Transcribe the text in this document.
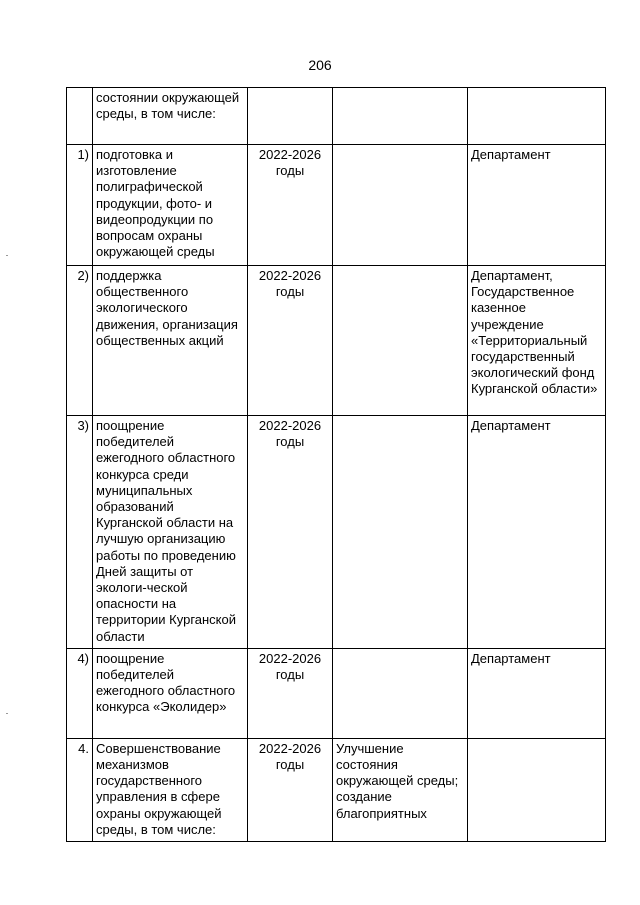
206
	состоянии окружающей среды, в том числе:			
1)	подготовка и изготовление полиграфической продукции, фото- и видеопродукции по вопросам охраны окружающей среды	2022-2026 годы		Департамент
2)	поддержка общественного экологического движения, организация общественных акций	2022-2026 годы		Департамент, Государственное казенное учреждение «Территориальный государственный экологический фонд Курганской области»
3)	поощрение победителей ежегодного областного конкурса среди муниципальных образований Курганской области на лучшую организацию работы по проведению Дней защиты от экологи-ческой опасности на территории Курганской области	2022-2026 годы		Департамент
4)	поощрение победителей ежегодного областного конкурса «Эколидер»	2022-2026 годы		Департамент
4.	Совершенствование механизмов государственного управления в сфере охраны окружающей среды, в том числе:	2022-2026 годы	Улучшение состояния окружающей среды; создание благоприятных	
